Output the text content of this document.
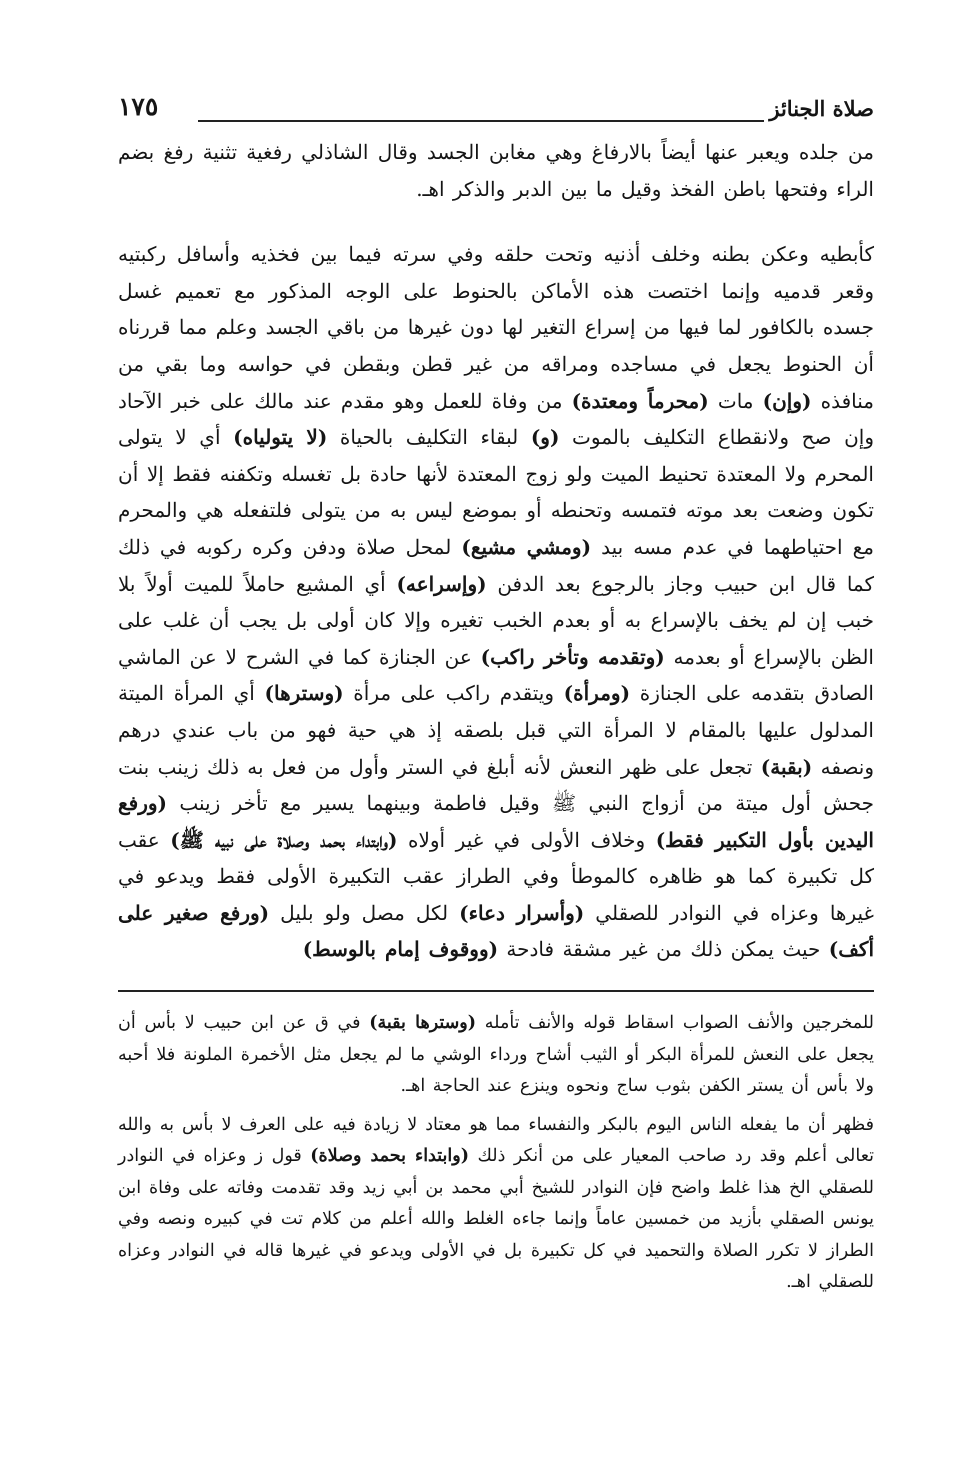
صلاة الجنائز
١٧٥

من جلده ويعبر عنها أيضاً بالارفاغ وهي مغابن الجسد وقال الشاذلي رفغية تثنية رفغ بضم الراء وفتحها باطن الفخذ وقيل ما بين الدبر والذكر اهـ.

كأبطيه وعكن بطنه وخلف أذنيه وتحت حلقه وفي سرته فيما بين فخذيه وأسافل ركبتيه وقعر قدميه وإنما اختصت هذه الأماكن بالحنوط على الوجه المذكور مع تعميم غسل جسده بالكافور لما فيها من إسراع التغير لها دون غيرها من باقي الجسد وعلم مما قررناه أن الحنوط يجعل في مساجده ومراقه من غير قطن وبقطن في حواسه وما بقي من منافذه (وإن) مات (محرماً ومعتدة) من وفاة للعمل وهو مقدم عند مالك على خبر الآحاد وإن صح ولانقطاع التكليف بالموت (و) لبقاء التكليف بالحياة (لا يتولياه) أي لا يتولى المحرم ولا المعتدة تحنيط الميت ولو زوج المعتدة لأنها حادة بل تغسله وتكفنه فقط إلا أن تكون وضعت بعد موته فتمسه وتحنطه أو بموضع ليس به من يتولى فلتفعله هي والمحرم مع احتياطهما في عدم مسه بيد (ومشي مشيع) لمحل صلاة ودفن وكره ركوبه في ذلك كما قال ابن حبيب وجاز بالرجوع بعد الدفن (وإسراعه) أي المشيع حاملاً للميت أولاً بلا خبب إن لم يخف بالإسراع به أو بعدم الخبب تغيره وإلا كان أولى بل يجب أن غلب على الظن بالإسراع أو بعدمه (وتقدمه وتأخر راكب) عن الجنازة كما في الشرح لا عن الماشي الصادق بتقدمه على الجنازة (ومرأة) ويتقدم راكب على مرأة (وسترها) أي المرأة الميتة المدلول عليها بالمقام لا المرأة التي قبل بلصقه إذ هي حية فهو من باب عندي درهم ونصفه (بقبة) تجعل على ظهر النعش لأنه أبلغ في الستر وأول من فعل به ذلك زينب بنت جحش أول ميتة من أزواج النبي ﷺ وقيل فاطمة وبينهما يسير مع تأخر زينب (ورفع اليدين بأول التكبير فقط) وخلاف الأولى في غير أولاه (وابتداء بحمد وصلاة على نبيه ﷺ) عقب كل تكبيرة كما هو ظاهره كالموطأ وفي الطراز عقب التكبيرة الأولى فقط ويدعو في غيرها وعزاه في النوادر للصقلي (وأسرار دعاء) لكل مصل ولو بليل (ورفع صغير على أكف) حيث يمكن ذلك من غير مشقة فادحة (ووقوف إمام بالوسط)

للمخرجين والأنف الصواب اسقاط قوله والأنف تأمله (وسترها بقبة) في ق عن ابن حبيب لا بأس أن يجعل على النعش للمرأة البكر أو الثيب أشاح ورداء الوشي ما لم يجعل مثل الأخمرة الملونة فلا أحبه ولا بأس أن يستر الكفن بثوب ساج ونحوه وينزع عند الحاجة اهـ.

فظهر أن ما يفعله الناس اليوم بالبكر والنفساء مما هو معتاد لا زيادة فيه على العرف لا بأس به والله تعالى أعلم وقد رد صاحب المعيار على من أنكر ذلك (وابتداء بحمد وصلاة) قول ز وعزاه في النوادر للصقلي الخ هذا غلط واضح فإن النوادر للشيخ أبي محمد بن أبي زيد وقد تقدمت وفاته على وفاة ابن يونس الصقلي بأزيد من خمسين عاماً وإنما جاءه الغلط والله أعلم من كلام تت في كبيره ونصه وفي الطراز لا تكرر الصلاة والتحميد في كل تكبيرة بل في الأولى ويدعو في غيرها قاله في النوادر وعزاه للصقلي اهـ.
